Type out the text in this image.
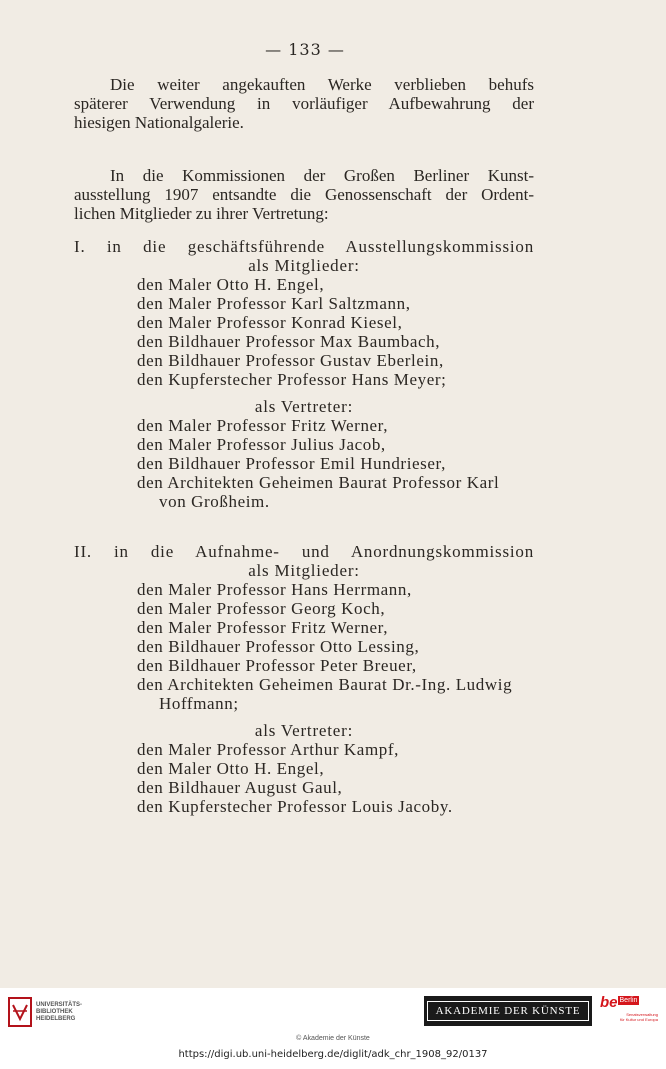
— 133 —
Die weiter angekauften Werke verblieben behufs
späterer Verwendung in vorläufiger Aufbewahrung der
hiesigen Nationalgalerie.
In die Kommissionen der Großen Berliner Kunst-
ausstellung 1907 entsandte die Genossenschaft der Ordent-
lichen Mitglieder zu ihrer Vertretung:
I. in die geschäftsführende Ausstellungskommission
als Mitglieder:
den Maler Otto H. Engel,
den Maler Professor Karl Saltzmann,
den Maler Professor Konrad Kiesel,
den Bildhauer Professor Max Baumbach,
den Bildhauer Professor Gustav Eberlein,
den Kupferstecher Professor Hans Meyer;
als Vertreter:
den Maler Professor Fritz Werner,
den Maler Professor Julius Jacob,
den Bildhauer Professor Emil Hundrieser,
den Architekten Geheimen Baurat Professor Karl
von Großheim.
II. in die Aufnahme- und Anordnungskommission
als Mitglieder:
den Maler Professor Hans Herrmann,
den Maler Professor Georg Koch,
den Maler Professor Fritz Werner,
den Bildhauer Professor Otto Lessing,
den Bildhauer Professor Peter Breuer,
den Architekten Geheimen Baurat Dr.-Ing. Ludwig
Hoffmann;
als Vertreter:
den Maler Professor Arthur Kampf,
den Maler Otto H. Engel,
den Bildhauer August Gaul,
den Kupferstecher Professor Louis Jacoby.
UNIVERSITÄTS-
BIBLIOTHEK
HEIDELBERG
AKADEMIE DER KÜNSTE	be Berlin
Senatsverwaltung
für Kultur und Europa
© Akademie der Künste
https://digi.ub.uni-heidelberg.de/diglit/adk_chr_1908_92/0137
